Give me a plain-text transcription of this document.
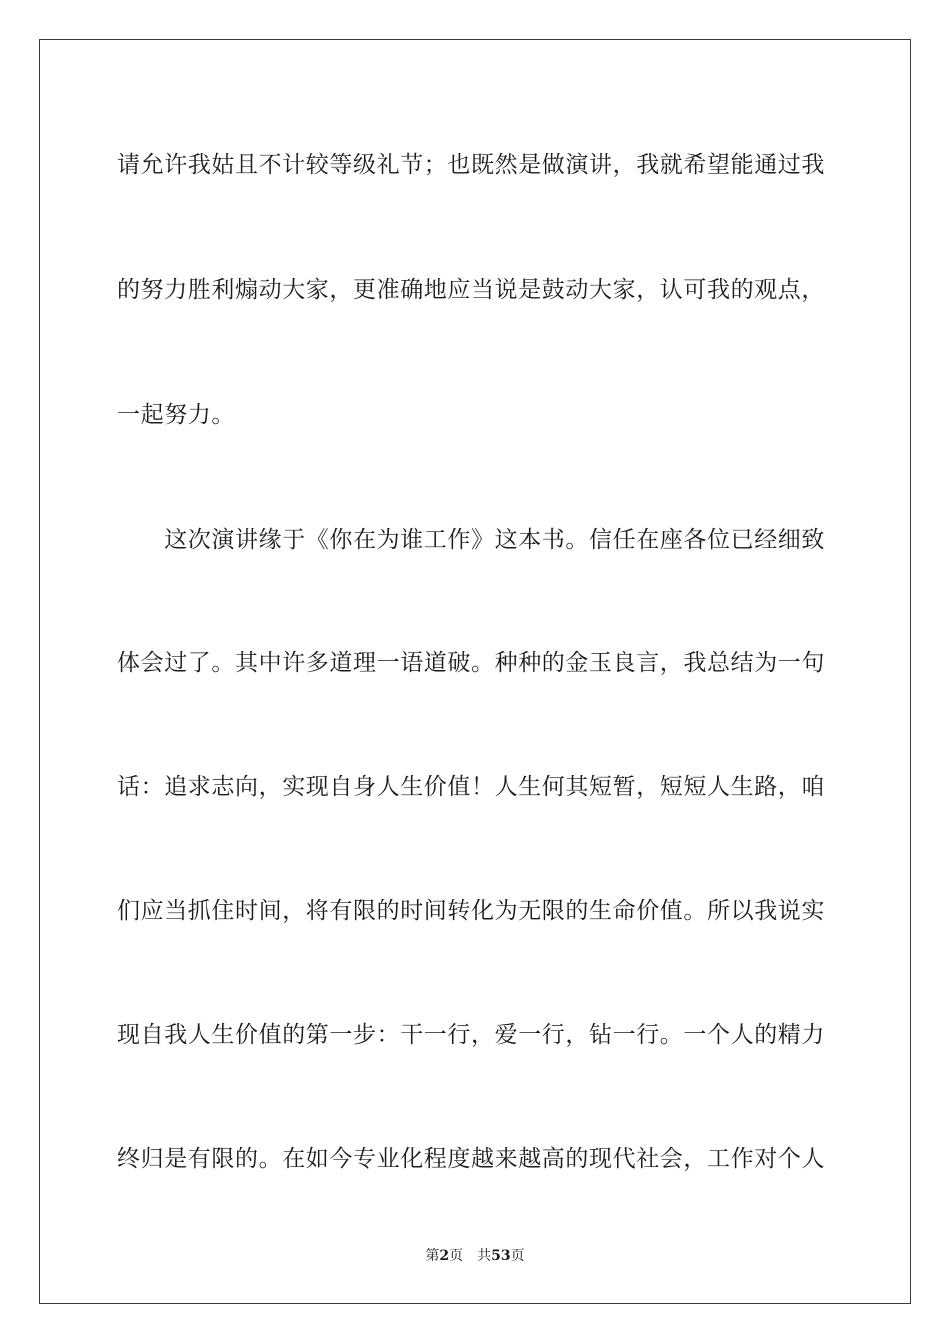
请允许我姑且不计较等级礼节；也既然是做演讲，我就希望能通过我
的努力胜利煽动大家，更准确地应当说是鼓动大家，认可我的观点，
一起努力。
　　这次演讲缘于《你在为谁工作》这本书。信任在座各位已经细致
体会过了。其中许多道理一语道破。种种的金玉良言，我总结为一句
话：追求志向，实现自身人生价值！人生何其短暂，短短人生路，咱
们应当抓住时间，将有限的时间转化为无限的生命价值。所以我说实
现自我人生价值的第一步：干一行，爱一行，钻一行。一个人的精力
终归是有限的。在如今专业化程度越来越高的现代社会，工作对个人
第2页 共53页
